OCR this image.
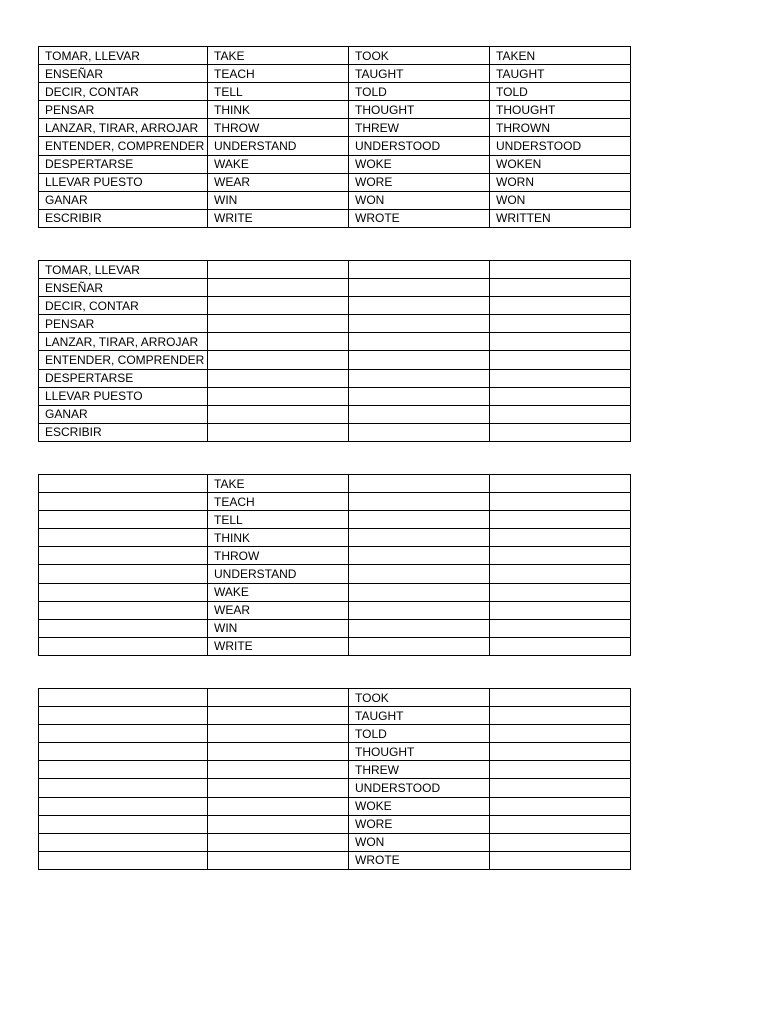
TOMAR, LLEVAR	TAKE	TOOK	TAKEN
ENSEÑAR	TEACH	TAUGHT	TAUGHT
DECIR, CONTAR	TELL	TOLD	TOLD
PENSAR	THINK	THOUGHT	THOUGHT
LANZAR, TIRAR, ARROJAR	THROW	THREW	THROWN
ENTENDER, COMPRENDER	UNDERSTAND	UNDERSTOOD	UNDERSTOOD
DESPERTARSE	WAKE	WOKE	WOKEN
LLEVAR PUESTO	WEAR	WORE	WORN
GANAR	WIN	WON	WON
ESCRIBIR	WRITE	WROTE	WRITTEN
TOMAR, LLEVAR			
ENSEÑAR			
DECIR, CONTAR			
PENSAR			
LANZAR, TIRAR, ARROJAR			
ENTENDER, COMPRENDER			
DESPERTARSE			
LLEVAR PUESTO			
GANAR			
ESCRIBIR			
	TAKE		
	TEACH		
	TELL		
	THINK		
	THROW		
	UNDERSTAND		
	WAKE		
	WEAR		
	WIN		
	WRITE		
		TOOK	
		TAUGHT	
		TOLD	
		THOUGHT	
		THREW	
		UNDERSTOOD	
		WOKE	
		WORE	
		WON	
		WROTE	
